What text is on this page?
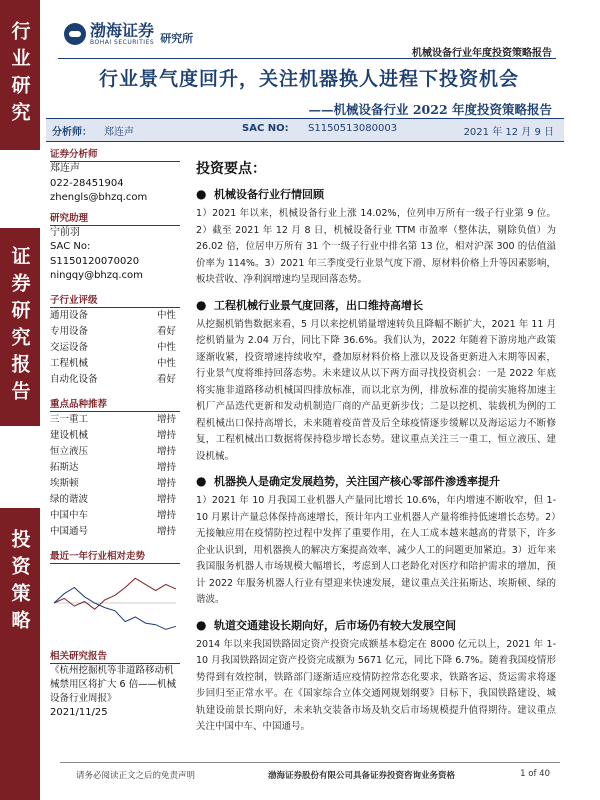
行业研究
证券研究报告
投资策略
渤海证券
BOHAI SECURITIES 研究所
机械设备行业年度投资策略报告
行业景气度回升，关注机器换人进程下投资机会
——机械设备行业 2022 年度投资策略报告
分析师： 郑连声	SAC NO: S1150513080003	2021 年 12 月 9 日
证券分析师
郑连声
022-28451904
zhengls@bhzq.com
研究助理
宁前羽
SAC No: S1150120070020
ningqy@bhzq.com
子行业评级
通用设备	中性
专用设备	看好
交运设备	中性
工程机械	中性
自动化设备	看好
重点品种推荐
三一重工	增持
建设机械	增持
恒立液压	增持
拓斯达	增持
埃斯顿	增持
绿的谐波	增持
中国中车	增持
中国通号	增持
最近一年行业相对走势
相关研究报告
《杭州挖掘机等非道路移动机械禁用区将扩大 6 倍——机械设备行业周报》
2021/11/25
投资要点：
● 机械设备行业行情回顾

1）2021 年以来，机械设备行业上涨 14.02%，位列申万所有一级子行业第 9 位。2）截至 2021 年 12 月 8 日，机械设备行业 TTM 市盈率（整体法，剔除负值）为 26.02 倍，位居申万所有 31 个一级子行业中排名第 13 位，相对沪深 300 的估值溢价率为 114%。3）2021 年三季度受行业景气度下滑、原材料价格上升等因素影响，板块营收、净利润增速均呈现回落态势。

● 工程机械行业景气度回落，出口维持高增长

从挖掘机销售数据来看，5 月以来挖机销量增速转负且降幅不断扩大，2021 年 11 月挖机销量为 2.04 万台，同比下降 36.6%。我们认为，2022 年随着下游房地产政策逐渐收紧，投资增速持续收窄，叠加原材料价格上涨以及设备更新进入末期等因素，行业景气度将维持回落态势。未来建议从以下两方面寻找投资机会：一是 2022 年底将实施非道路移动机械国四排放标准，而以北京为例，排放标准的提前实施将加速主机厂产品迭代更新和发动机制造厂商的产品更新步伐；二是以挖机、装载机为例的工程机械出口保持高增长，未来随着疫苗普及后全球疫情逐步缓解以及海运运力不断修复，工程机械出口数据将保持稳步增长态势。建议重点关注三一重工，恒立液压、建设机械。

● 机器换人是确定发展趋势，关注国产核心零部件渗透率提升

1）2021 年 10 月我国工业机器人产量同比增长 10.6%，年内增速不断收窄，但 1-10 月累计产量总体保持高速增长，预计年内工业机器人产量将维持低速增长态势。2）无接触应用在疫情防控过程中发挥了重要作用，在人工成本越来越高的背景下，许多企业认识到，用机器换人的解决方案提高效率、减少人工的问题更加紧迫。3）近年来我国服务机器人市场规模大幅增长，考虑到人口老龄化对医疗和陪护需求的增加，预计 2022 年服务机器人行业有望迎来快速发展，建议重点关注拓斯达、埃斯顿、绿的谐波。

● 轨道交通建设长期向好，后市场仍有较大发展空间

2014 年以来我国铁路固定资产投资完成额基本稳定在 8000 亿元以上，2021 年 1-10 月我国铁路固定资产投资完成额为 5671 亿元，同比下降 6.7%。随着我国疫情形势得到有效控制，铁路部门逐渐适应疫情防控常态化要求，铁路客运、货运需求将逐步回归至正常水平。在《国家综合立体交通网规划纲要》目标下，我国铁路建设、城轨建设前景长期向好，未来轨交装备市场及轨交后市场规模提升值得期待。建议重点关注中国中车、中国通号。

请务必阅读正文之后的免责声明	渤海证券股份有限公司具备证券投资咨询业务资格	1 of 40
